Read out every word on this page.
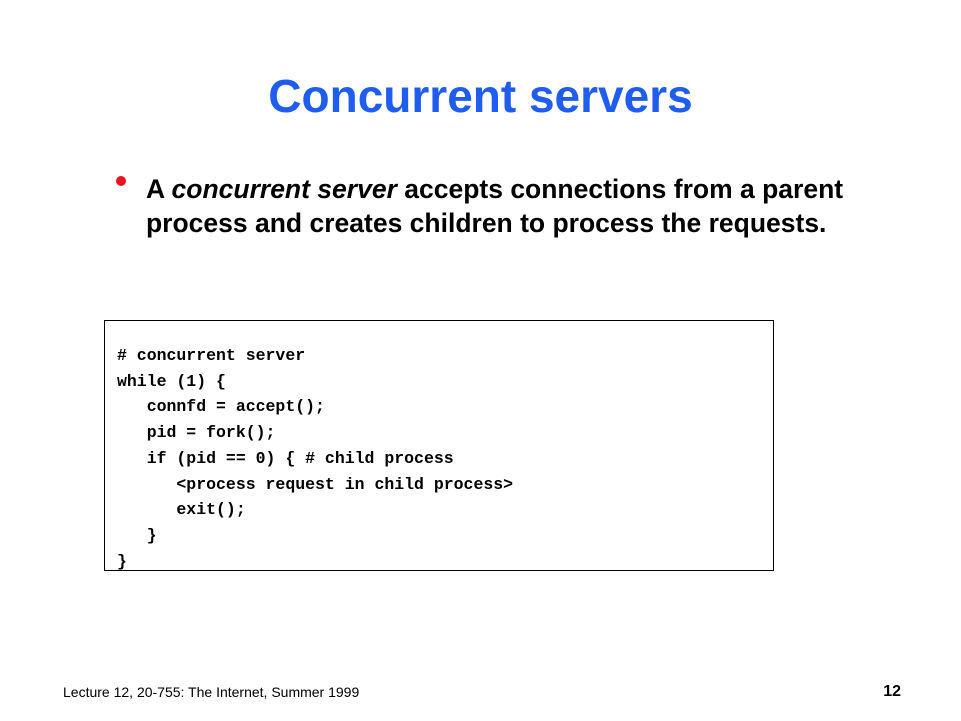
Concurrent servers
A concurrent server accepts connections from a parent process and creates children to process the requests.
# concurrent server
while (1) {
connfd = accept();
pid = fork();
if (pid == 0) { # child process
<process request in child process>
exit();
}
}
Lecture 12, 20-755: The Internet, Summer 1999	12
